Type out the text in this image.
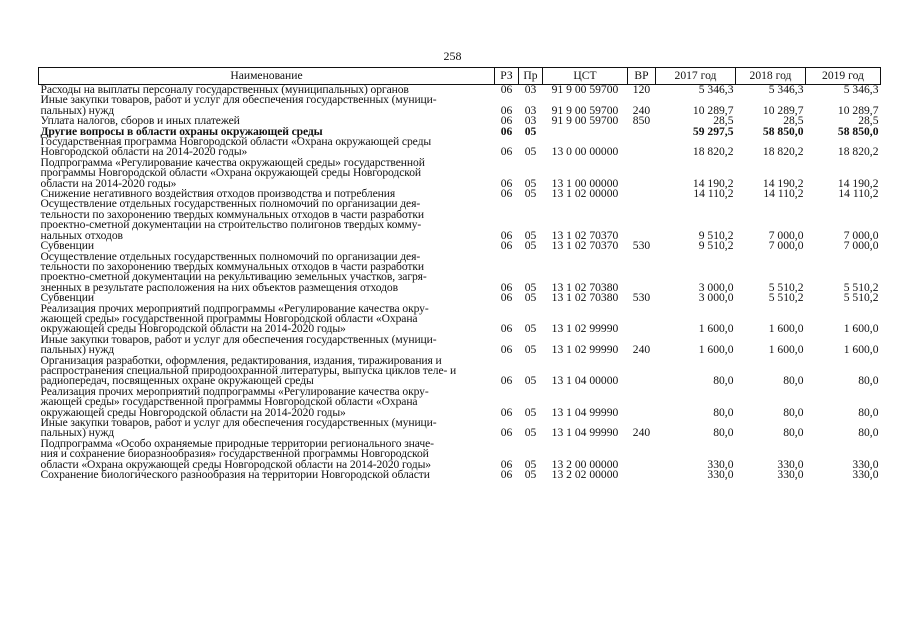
258
Наименование	РЗ	Пр	ЦСТ	ВР	2017 год	2018 год	2019 год

Расходы на выплаты персоналу государственных (муниципальных) органов	06	03	91 9 00 59700	120	5 346,3	5 346,3	5 346,3

Иные закупки товаров, работ и услуг для обеспечения государственных (муници-
пальных) нужд	06	03	91 9 00 59700	240	10 289,7	10 289,7	10 289,7

Уплата налогов, сборов и иных платежей	06	03	91 9 00 59700	850	28,5	28,5	28,5

Другие вопросы в области охраны окружающей среды	06	05			59 297,5	58 850,0	58 850,0

Государственная программа Новгородской области «Охрана окружающей среды
Новгородской области на 2014-2020 годы»	06	05	13 0 00 00000		18 820,2	18 820,2	18 820,2

Подпрограмма «Регулирование качества окружающей среды» государственной
программы Новгородской области «Охрана окружающей среды Новгородской
области на 2014-2020 годы»	06	05	13 1 00 00000		14 190,2	14 190,2	14 190,2

Снижение негативного воздействия отходов производства и потребления	06	05	13 1 02 00000		14 110,2	14 110,2	14 110,2

Осуществление отдельных государственных полномочий по организации дея-
тельности по захоронению твердых коммунальных отходов в части разработки
проектно-сметной документации на строительство полигонов твердых комму-
нальных отходов	06	05	13 1 02 70370		9 510,2	7 000,0	7 000,0

Субвенции	06	05	13 1 02 70370	530	9 510,2	7 000,0	7 000,0

Осуществление отдельных государственных полномочий по организации дея-
тельности по захоронению твердых коммунальных отходов в части разработки
проектно-сметной документации на рекультивацию земельных участков, загря-
зненных в результате расположения на них объектов размещения отходов	06	05	13 1 02 70380		3 000,0	5 510,2	5 510,2

Субвенции	06	05	13 1 02 70380	530	3 000,0	5 510,2	5 510,2

Реализация прочих мероприятий подпрограммы «Регулирование качества окру-
жающей среды» государственной программы Новгородской области «Охрана
окружающей среды Новгородской области на 2014-2020 годы»	06	05	13 1 02 99990		1 600,0	1 600,0	1 600,0

Иные закупки товаров, работ и услуг для обеспечения государственных (муници-
пальных) нужд	06	05	13 1 02 99990	240	1 600,0	1 600,0	1 600,0

Организация разработки, оформления, редактирования, издания, тиражирования и
распространения специальной природоохранной литературы, выпуска циклов теле- и
радиопередач, посвященных охране окружающей среды	06	05	13 1 04 00000		80,0	80,0	80,0

Реализация прочих мероприятий подпрограммы «Регулирование качества окру-
жающей среды» государственной программы Новгородской области «Охрана
окружающей среды Новгородской области на 2014-2020 годы»	06	05	13 1 04 99990		80,0	80,0	80,0

Иные закупки товаров, работ и услуг для обеспечения государственных (муници-
пальных) нужд	06	05	13 1 04 99990	240	80,0	80,0	80,0

Подпрограмма «Особо охраняемые природные территории регионального значе-
ния и сохранение биоразнообразия» государственной программы Новгородской
области «Охрана окружающей среды Новгородской области на 2014-2020 годы»	06	05	13 2 00 00000		330,0	330,0	330,0

Сохранение биологического разнообразия на территории Новгородской области	06	05	13 2 02 00000		330,0	330,0	330,0
